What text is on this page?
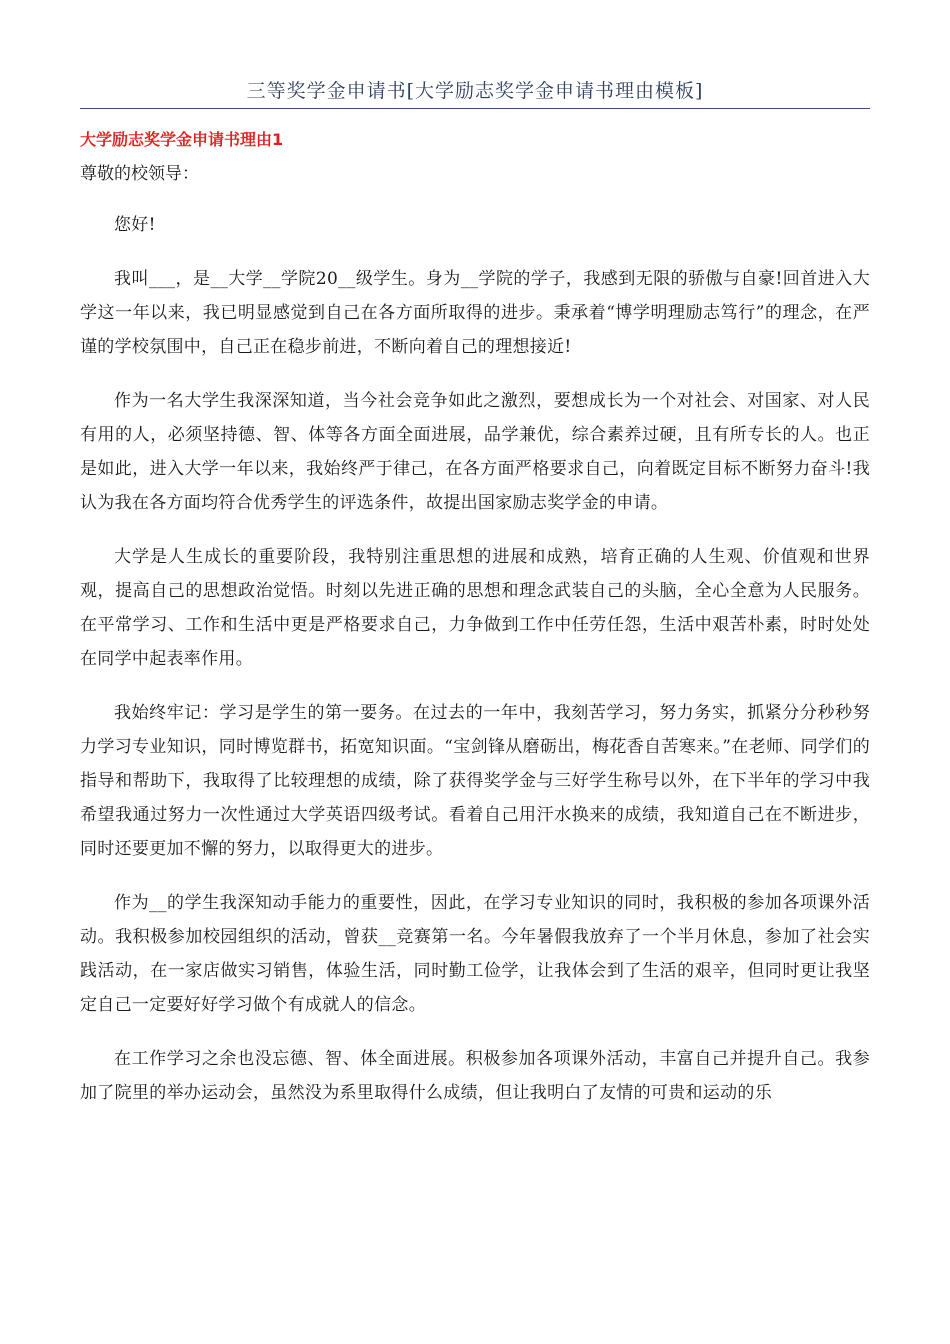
三等奖学金申请书[大学励志奖学金申请书理由模板]
大学励志奖学金申请书理由1
尊敬的校领导：

您好!

我叫___，是__大学__学院20__级学生。身为__学院的学子，我感到无限的骄傲与自豪!回首进入大学这一年以来，我已明显感觉到自己在各方面所取得的进步。秉承着“博学明理励志笃行”的理念，在严谨的学校氛围中，自己正在稳步前进，不断向着自己的理想接近!

作为一名大学生我深深知道，当今社会竞争如此之激烈，要想成长为一个对社会、对国家、对人民有用的人，必须坚持德、智、体等各方面全面进展，品学兼优，综合素养过硬，且有所专长的人。也正是如此，进入大学一年以来，我始终严于律己，在各方面严格要求自己，向着既定目标不断努力奋斗!我认为我在各方面均符合优秀学生的评选条件，故提出国家励志奖学金的申请。

大学是人生成长的重要阶段，我特别注重思想的进展和成熟，培育正确的人生观、价值观和世界观，提高自己的思想政治觉悟。时刻以先进正确的思想和理念武装自己的头脑，全心全意为人民服务。在平常学习、工作和生活中更是严格要求自己，力争做到工作中任劳任怨，生活中艰苦朴素，时时处处在同学中起表率作用。

我始终牢记：学习是学生的第一要务。在过去的一年中，我刻苦学习，努力务实，抓紧分分秒秒努力学习专业知识，同时博览群书，拓宽知识面。“宝剑锋从磨砺出，梅花香自苦寒来。”在老师、同学们的指导和帮助下，我取得了比较理想的成绩，除了获得奖学金与三好学生称号以外，在下半年的学习中我希望我通过努力一次性通过大学英语四级考试。看着自己用汗水换来的成绩，我知道自己在不断进步，同时还要更加不懈的努力，以取得更大的进步。

作为__的学生我深知动手能力的重要性，因此，在学习专业知识的同时，我积极的参加各项课外活动。我积极参加校园组织的活动，曾获__竞赛第一名。今年暑假我放弃了一个半月休息，参加了社会实践活动，在一家店做实习销售，体验生活，同时勤工俭学，让我体会到了生活的艰辛，但同时更让我坚定自己一定要好好学习做个有成就人的信念。

在工作学习之余也没忘德、智、体全面进展。积极参加各项课外活动，丰富自己并提升自己。我参加了院里的举办运动会，虽然没为系里取得什么成绩，但让我明白了友情的可贵和运动的乐
